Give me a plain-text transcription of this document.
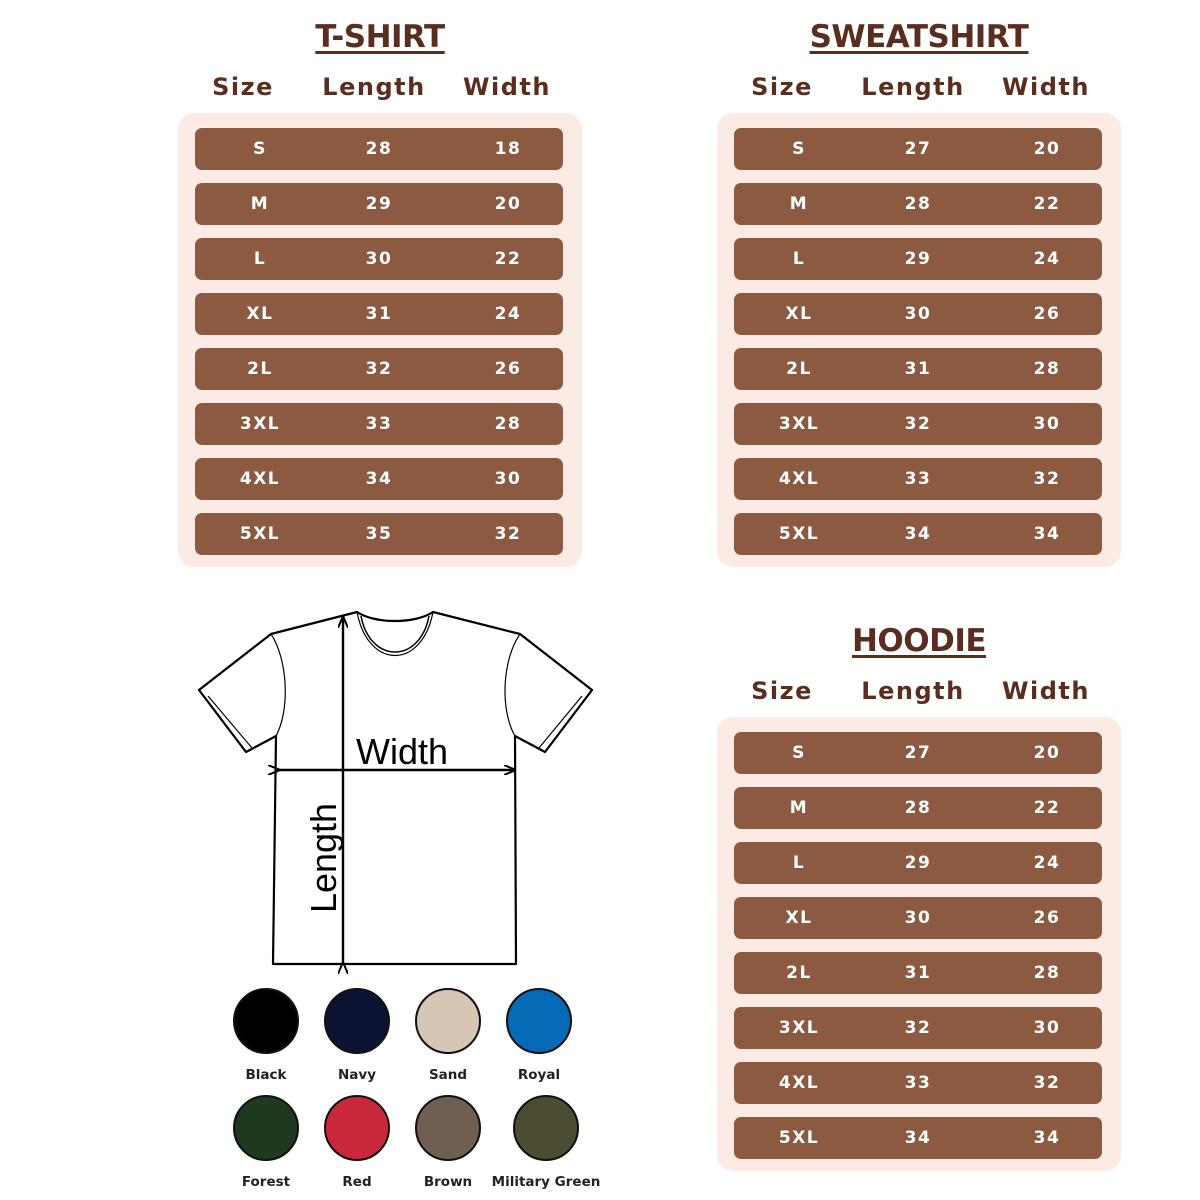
T-SHIRT
Size	Length	Width
S	28	18
M	29	20
L	30	22
XL	31	24
2L	32	26
3XL	33	28
4XL	34	30
5XL	35	32
SWEATSHIRT
Size	Length	Width
S	27	20
M	28	22
L	29	24
XL	30	26
2L	31	28
3XL	32	30
4XL	33	32
5XL	34	34
HOODIE
Size	Length	Width
S	27	20
M	28	22
L	29	24
XL	30	26
2L	31	28
3XL	32	30
4XL	33	32
5XL	34	34
Width
Length
Black	Navy	Sand	Royal
Forest	Red	Brown	Military Green
